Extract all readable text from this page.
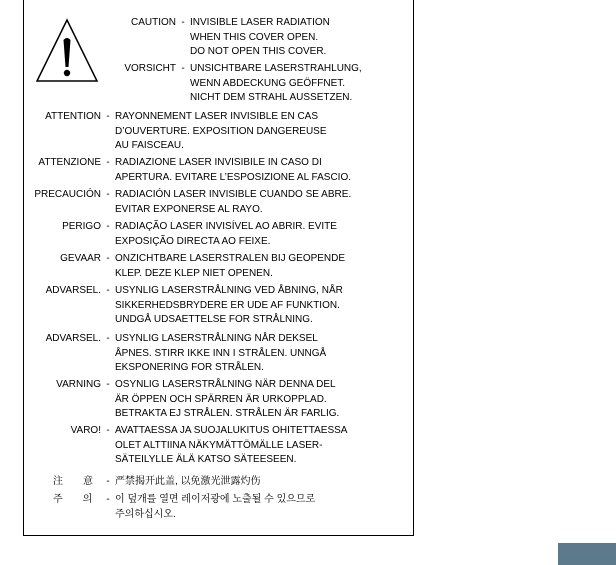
CAUTION - INVISIBLE LASER RADIATION
WHEN THIS COVER OPEN.
DO NOT OPEN THIS COVER.
VORSICHT - UNSICHTBARE LASERSTRAHLUNG,
WENN ABDECKUNG GEÖFFNET.
NICHT DEM STRAHL AUSSETZEN.
ATTENTION - RAYONNEMENT LASER INVISIBLE EN CAS
D’OUVERTURE. EXPOSITION DANGEREUSE
AU FAISCEAU.
ATTENZIONE - RADIAZIONE LASER INVISIBILE IN CASO DI
APERTURA. EVITARE L’ESPOSIZIONE AL FASCIO.
PRECAUCIÓN - RADIACIÓN LASER INVISIBLE CUANDO SE ABRE.
EVITAR EXPONERSE AL RAYO.
PERIGO - RADIAÇÃO LASER INVISÍVEL AO ABRIR. EVITE
EXPOSIÇÃO DIRECTA AO FEIXE.
GEVAAR - ONZICHTBARE LASERSTRALEN BIJ GEOPENDE
KLEP. DEZE KLEP NIET OPENEN.
ADVARSEL. - USYNLIG LASERSTRÅLNING VED ÅBNING, NÅR
SIKKERHEDSBRYDERE ER UDE AF FUNKTION.
UNDGÅ UDSAETTELSE FOR STRÅLNING.
ADVARSEL. - USYNLIG LASERSTRÅLNING NÅR DEKSEL
ÅPNES. STIRR IKKE INN I STRÅLEN. UNNGÅ
EKSPONERING FOR STRÅLEN.
VARNING - OSYNLIG LASERSTRÅLNING NÄR DENNA DEL
ÄR ÖPPEN OCH SPÄRREN ÄR URKOPPLAD.
BETRAKTA EJ STRÅLEN. STRÅLEN ÄR FARLIG.
VARO! - AVATTAESSA JA SUOJALUKITUS OHITETTAESSA
OLET ALTTIINA NÄKYMÄTTÖMÄLLE LASER-
SÄTEILYLLE ÄLÄ KATSO SÄTEESEEN.
注　　意	- 严禁揭开此盖, 以免激光泄露灼伤
주　　의	- 이 덮개를 열면 레이저광에 노출될 수 있으므로
주의하십시오.
